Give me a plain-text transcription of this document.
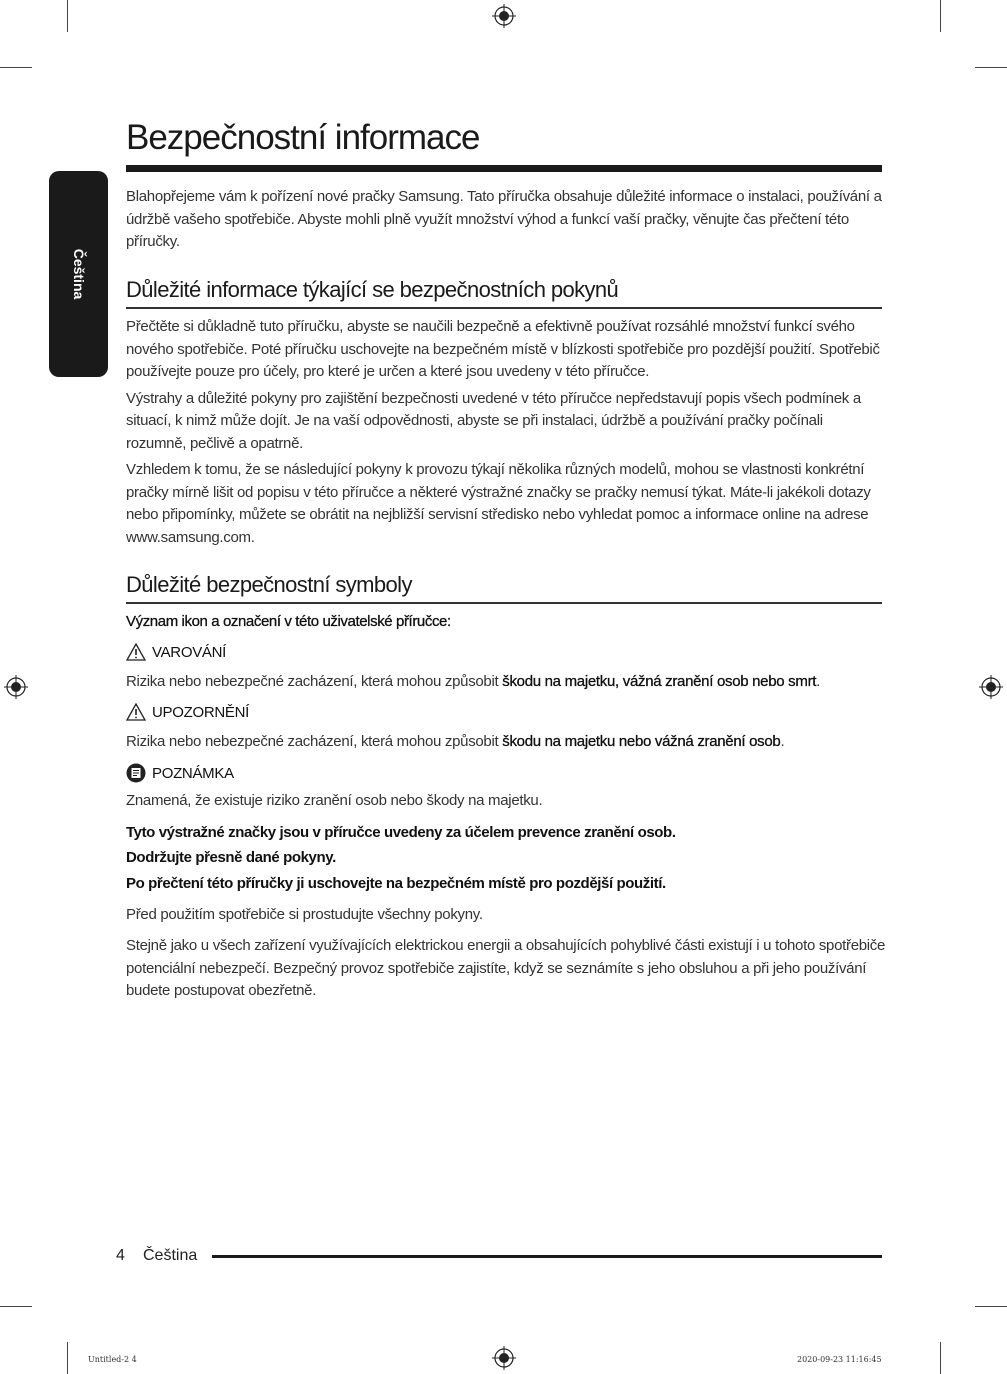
Čeština
Bezpečnostní informace

Blahopřejeme vám k pořízení nové pračky Samsung. Tato příručka obsahuje důležité informace o instalaci, používání a údržbě vašeho spotřebiče. Abyste mohli plně využít množství výhod a funkcí vaší pračky, věnujte čas přečtení této příručky.

Důležité informace týkající se bezpečnostních pokynů

Přečtěte si důkladně tuto příručku, abyste se naučili bezpečně a efektivně používat rozsáhlé množství funkcí svého nového spotřebiče. Poté příručku uschovejte na bezpečném místě v blízkosti spotřebiče pro pozdější použití. Spotřebič používejte pouze pro účely, pro které je určen a které jsou uvedeny v této příručce.

Výstrahy a důležité pokyny pro zajištění bezpečnosti uvedené v této příručce nepředstavují popis všech podmínek a situací, k nimž může dojít. Je na vaší odpovědnosti, abyste se při instalaci, údržbě a používání pračky počínali rozumně, pečlivě a opatrně.

Vzhledem k tomu, že se následující pokyny k provozu týkají několika různých modelů, mohou se vlastnosti konkrétní pračky mírně lišit od popisu v této příručce a některé výstražné značky se pračky nemusí týkat. Máte-li jakékoli dotazy nebo připomínky, můžete se obrátit na nejbližší servisní středisko nebo vyhledat pomoc a informace online na adrese www.samsung.com.

Důležité bezpečnostní symboly
Význam ikon a označení v této uživatelské příručce:
VAROVÁNÍ
Rizika nebo nebezpečné zacházení, která mohou způsobit škodu na majetku, vážná zranění osob nebo smrt.
UPOZORNĚNÍ
Rizika nebo nebezpečné zacházení, která mohou způsobit škodu na majetku nebo vážná zranění osob.
POZNÁMKA
Znamená, že existuje riziko zranění osob nebo škody na majetku.
Tyto výstražné značky jsou v příručce uvedeny za účelem prevence zranění osob.
Dodržujte přesně dané pokyny.
Po přečtení této příručky ji uschovejte na bezpečném místě pro pozdější použití.
Před použitím spotřebiče si prostudujte všechny pokyny.

Stejně jako u všech zařízení využívajících elektrickou energii a obsahujících pohyblivé části existují i u tohoto spotřebiče potenciální nebezpečí. Bezpečný provoz spotřebiče zajistíte, když se seznámíte s jeho obsluhou a při jeho používání budete postupovat obezřetně.

4 Čeština
Untitled-2 4	2020-09-23 11:16:45
